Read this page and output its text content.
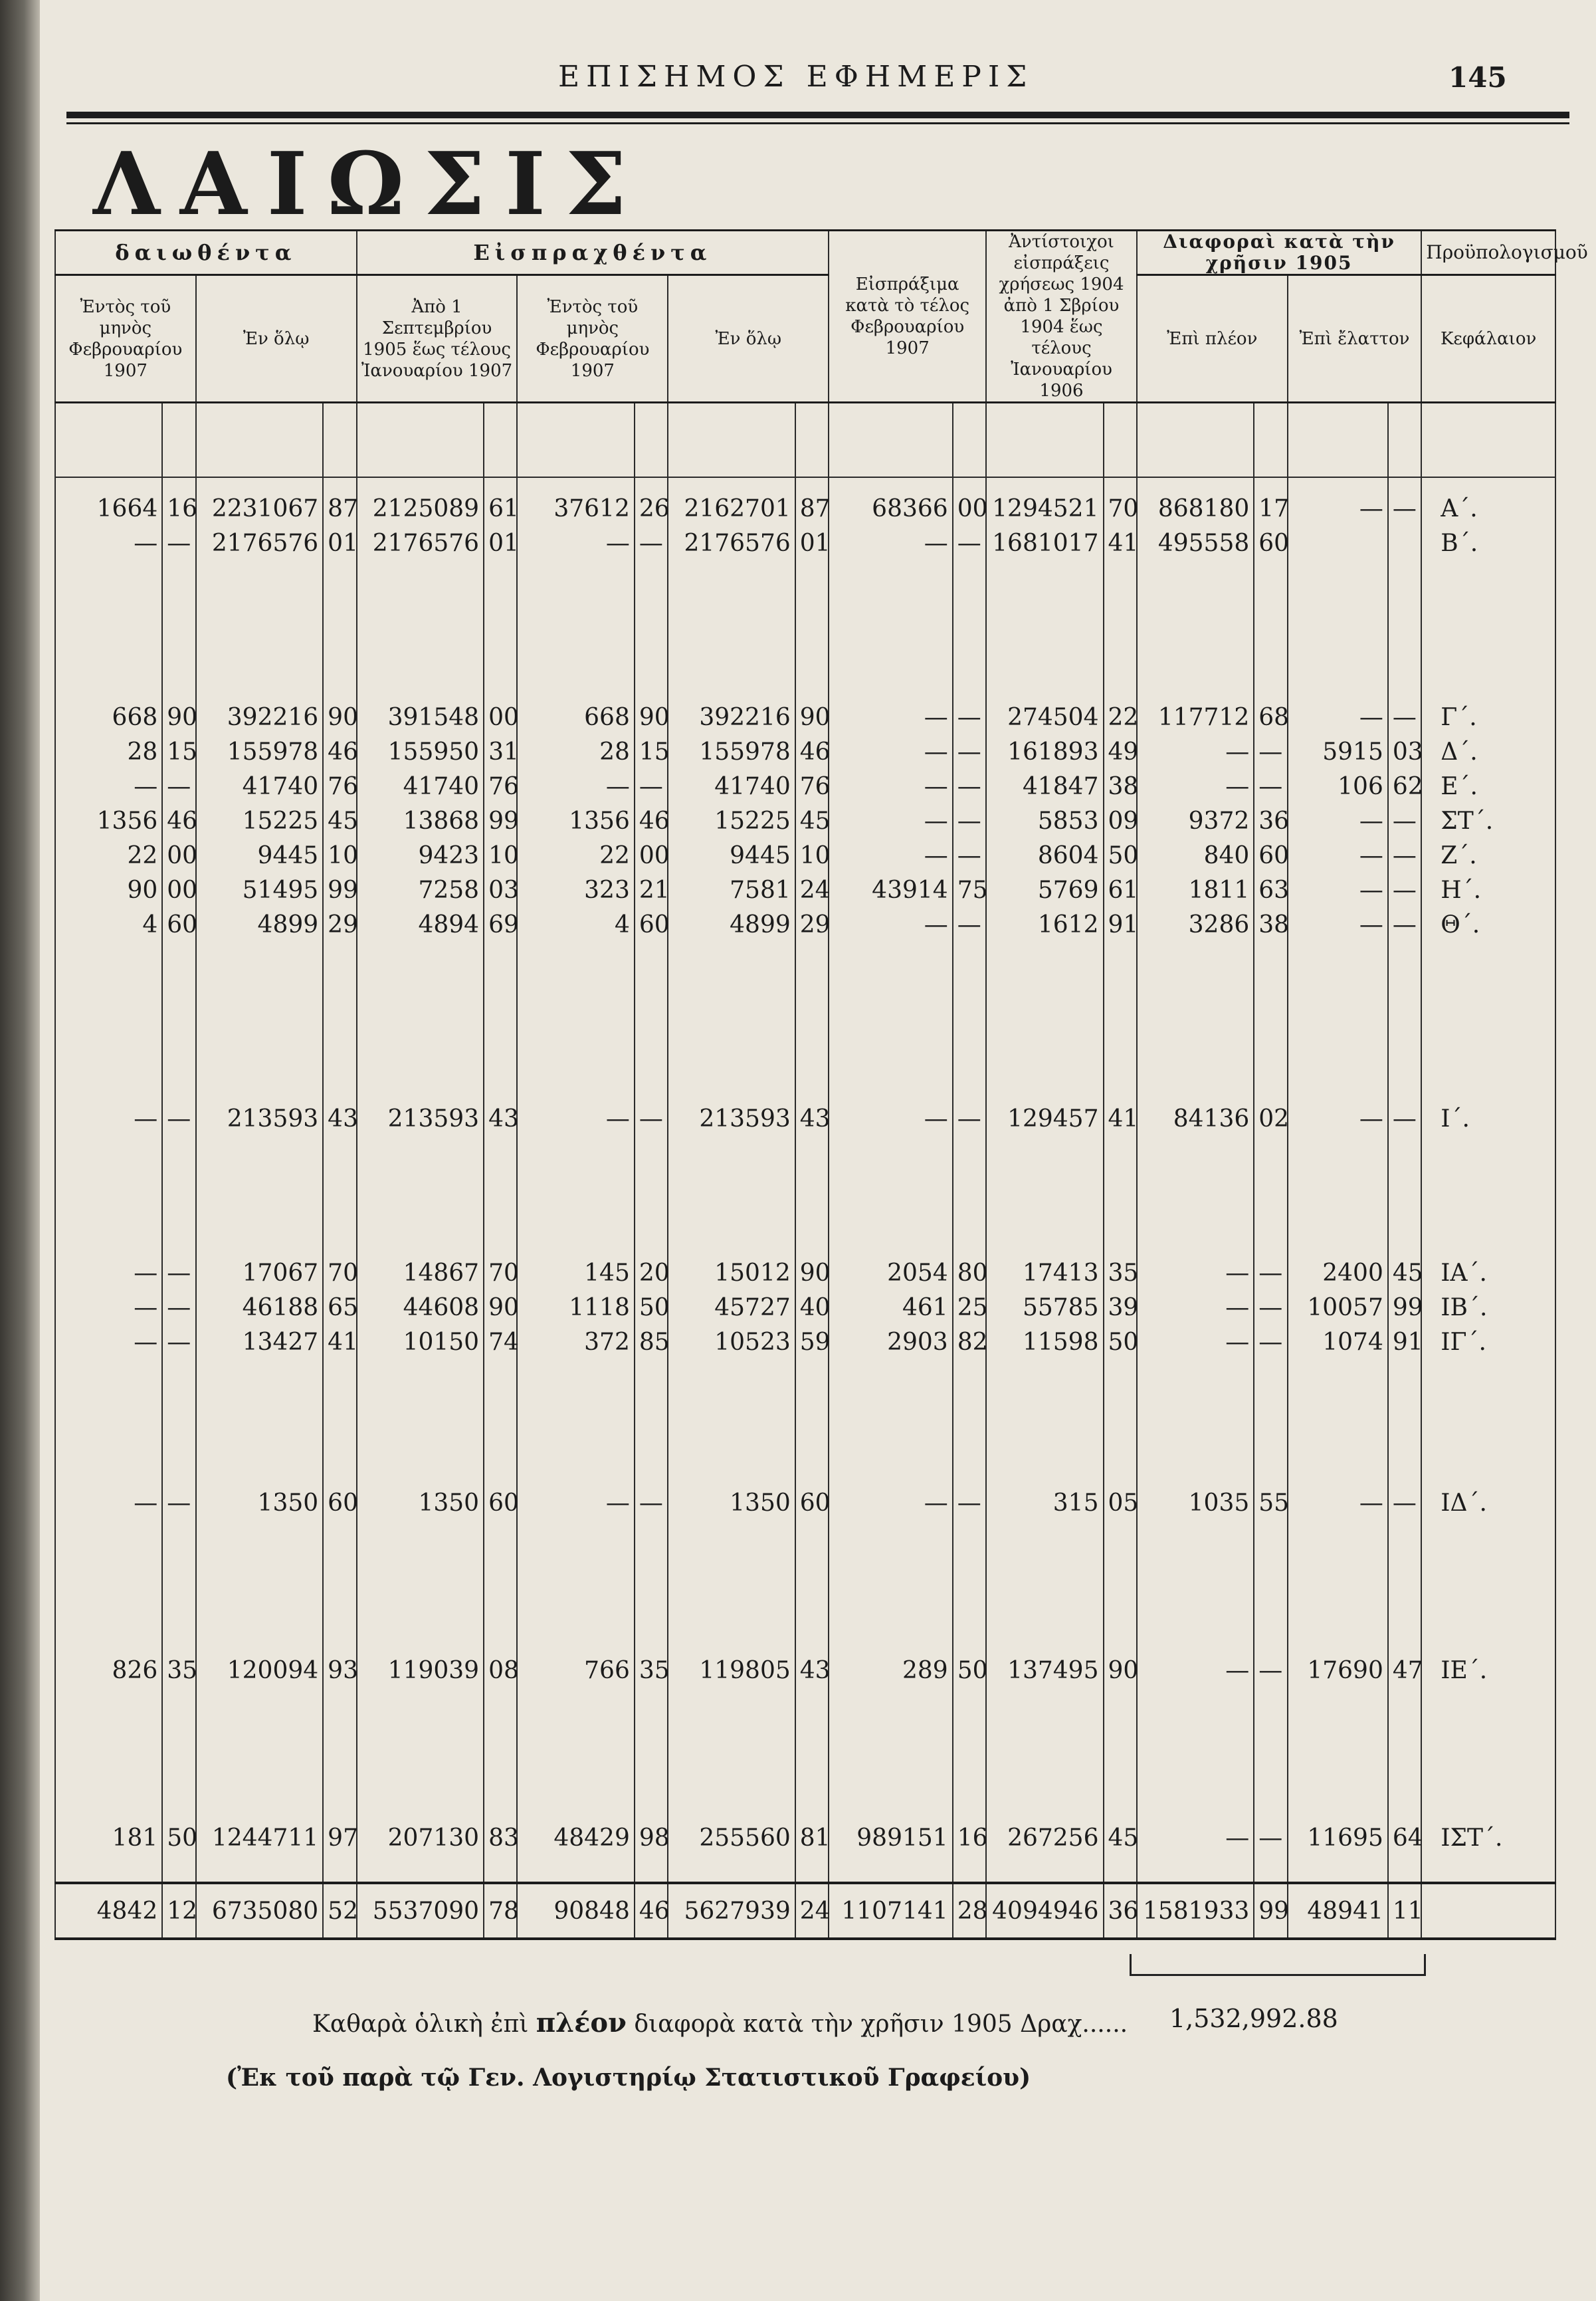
ΕΠΙΣΗΜΟΣ ΕΦΗΜΕΡΙΣ	145
ΛΑΙΩΣΙΣ
δαιωθέντα				Εἰσπραχθέντα						Εἰσπράξιμα κατὰ τὸ τέλος Φεβρουαρίου 1907		Ἀντίστοιχοι εἰσπράξεις χρήσεως 1904 ἀπὸ 1 Σβρίου 1904 ἕως τέλους Ἰανουαρίου 1906		Διαφοραὶ κατὰ τὴν χρῆσιν 1905				Προϋπολογισμοῦ
Ἐντὸς τοῦ μηνὸς Φεβρουαρίου 1907		Ἐν ὅλῳ		Ἀπὸ 1 Σεπτεμβρίου 1905 ἕως τέλους Ἰανουαρίου 1907		Ἐντὸς τοῦ μηνὸς Φεβρουαρίου 1907		Ἐν ὅλῳ						Ἐπὶ πλέον		Ἐπὶ ἔλαττον		Κεφάλαιον

1664	16	2231067	87	2125089	61	37612	26	2162701	87	68366	00	1294521	70	868180	17	—	—	Α΄.
—	—	2176576	01	2176576	01	—	—	2176576	01	—	—	1681017	41	495558	60			Β΄.

668	90	392216	90	391548	00	668	90	392216	90	—	—	274504	22	117712	68	—	—	Γ΄.
28	15	155978	46	155950	31	28	15	155978	46	—	—	161893	49	—	—	5915	03	Δ΄.
—	—	41740	76	41740	76	—	—	41740	76	—	—	41847	38	—	—	106	62	Ε΄.
1356	46	15225	45	13868	99	1356	46	15225	45	—	—	5853	09	9372	36	—	—	ΣΤ΄.
22	00	9445	10	9423	10	22	00	9445	10	—	—	8604	50	840	60	—	—	Ζ΄.
90	00	51495	99	7258	03	323	21	7581	24	43914	75	5769	61	1811	63	—	—	Η΄.
4	60	4899	29	4894	69	4	60	4899	29	—	—	1612	91	3286	38	—	—	Θ΄.

—	—	213593	43	213593	43	—	—	213593	43	—	—	129457	41	84136	02	—	—	Ι΄.

—	—	17067	70	14867	70	145	20	15012	90	2054	80	17413	35	—	—	2400	45	ΙΑ΄.
—	—	46188	65	44608	90	1118	50	45727	40	461	25	55785	39	—	—	10057	99	ΙΒ΄.
—	—	13427	41	10150	74	372	85	10523	59	2903	82	11598	50	—	—	1074	91	ΙΓ΄.

—	—	1350	60	1350	60	—	—	1350	60	—	—	315	05	1035	55	—	—	ΙΔ΄.

826	35	120094	93	119039	08	766	35	119805	43	289	50	137495	90	—	—	17690	47	ΙΕ΄.

181	50	1244711	97	207130	83	48429	98	255560	81	989151	16	267256	45	—	—	11695	64	ΙΣΤ΄.

4842	12	6735080	52	5537090	78	90848	46	5627939	24	1107141	28	4094946	36	1581933	99	48941	11	
Καθαρὰ ὁλικὴ ἐπὶ πλέον διαφορὰ κατὰ τὴν χρῆσιν 1905 Δραχ...... 1,532,992.88
(Ἐκ τοῦ παρὰ τῷ Γεν. Λογιστηρίῳ Στατιστικοῦ Γραφείου)
